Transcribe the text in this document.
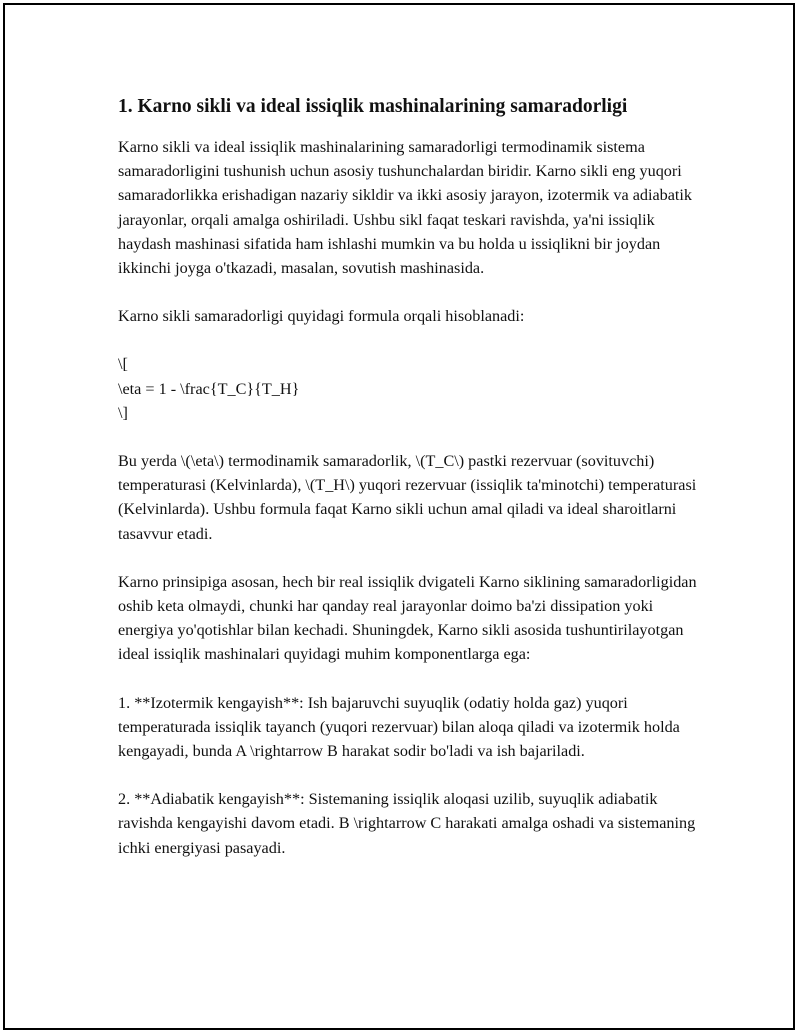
1. Karno sikli va ideal issiqlik mashinalarining samaradorligi

Karno sikli va ideal issiqlik mashinalarining samaradorligi termodinamik sistema samaradorligini tushunish uchun asosiy tushunchalardan biridir. Karno sikli eng yuqori samaradorlikka erishadigan nazariy sikldir va ikki asosiy jarayon, izotermik va adiabatik jarayonlar, orqali amalga oshiriladi. Ushbu sikl faqat teskari ravishda, ya'ni issiqlik haydash mashinasi sifatida ham ishlashi mumkin va bu holda u issiqlikni bir joydan ikkinchi joyga o'tkazadi, masalan, sovutish mashinasida.

Karno sikli samaradorligi quyidagi formula orqali hisoblanadi:

\[
\eta = 1 - \frac{T_C}{T_H}
\]

Bu yerda \(\eta\) termodinamik samaradorlik, \(T_C\) pastki rezervuar (sovituvchi) temperaturasi (Kelvinlarda), \(T_H\) yuqori rezervuar (issiqlik ta'minotchi) temperaturasi (Kelvinlarda). Ushbu formula faqat Karno sikli uchun amal qiladi va ideal sharoitlarni tasavvur etadi.

Karno prinsipiga asosan, hech bir real issiqlik dvigateli Karno siklining samaradorligidan oshib keta olmaydi, chunki har qanday real jarayonlar doimo ba'zi dissipation yoki energiya yo'qotishlar bilan kechadi. Shuningdek, Karno sikli asosida tushuntirilayotgan ideal issiqlik mashinalari quyidagi muhim komponentlarga ega:

1. **Izotermik kengayish**: Ish bajaruvchi suyuqlik (odatiy holda gaz) yuqori temperaturada issiqlik tayanch (yuqori rezervuar) bilan aloqa qiladi va izotermik holda kengayadi, bunda A \rightarrow B harakat sodir bo'ladi va ish bajariladi.

2. **Adiabatik kengayish**: Sistemaning issiqlik aloqasi uzilib, suyuqlik adiabatik ravishda kengayishi davom etadi. B \rightarrow C harakati amalga oshadi va sistemaning ichki energiyasi pasayadi.
